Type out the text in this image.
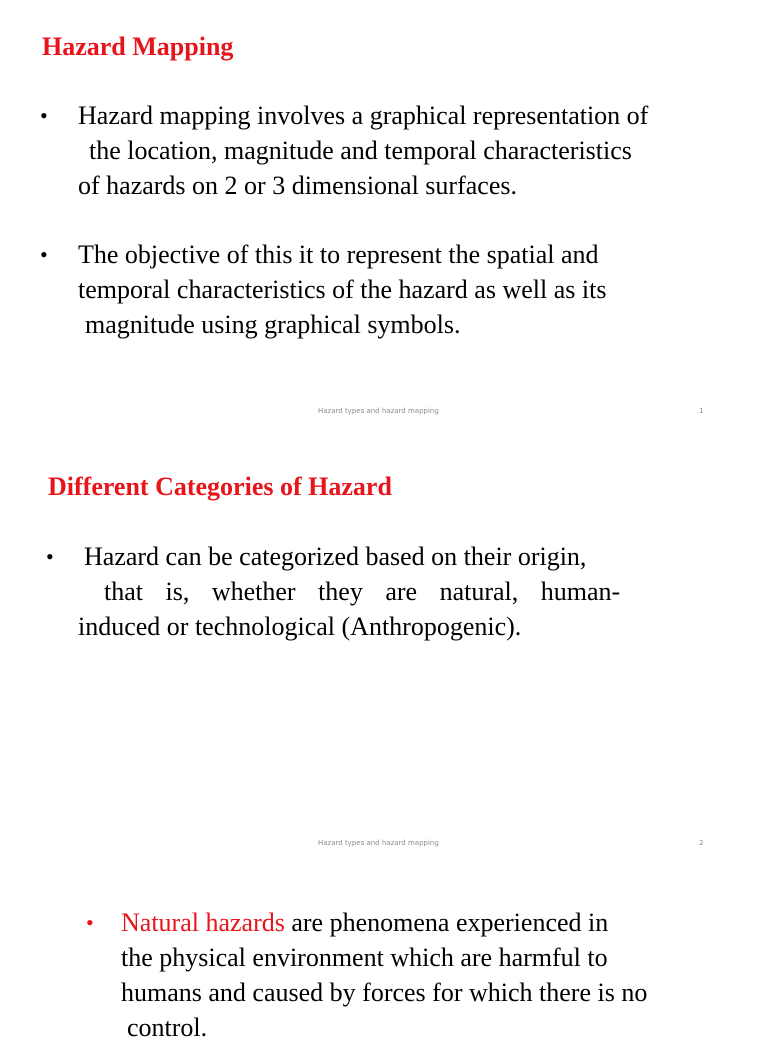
Hazard Mapping
• Hazard mapping involves a graphical representation of
the location, magnitude and temporal characteristics
of hazards on 2 or 3 dimensional surfaces.
• The objective of this it to represent the spatial and
temporal characteristics of the hazard as well as its
magnitude using graphical symbols.
Hazard types and hazard mapping	1
Different Categories of Hazard
• Hazard can be categorized based on their origin,
that is, whether they are natural, human-
induced or technological (Anthropogenic).
Hazard types and hazard mapping	2
• Natural hazards are phenomena experienced in
the physical environment which are harmful to
humans and caused by forces for which there is no
control.
